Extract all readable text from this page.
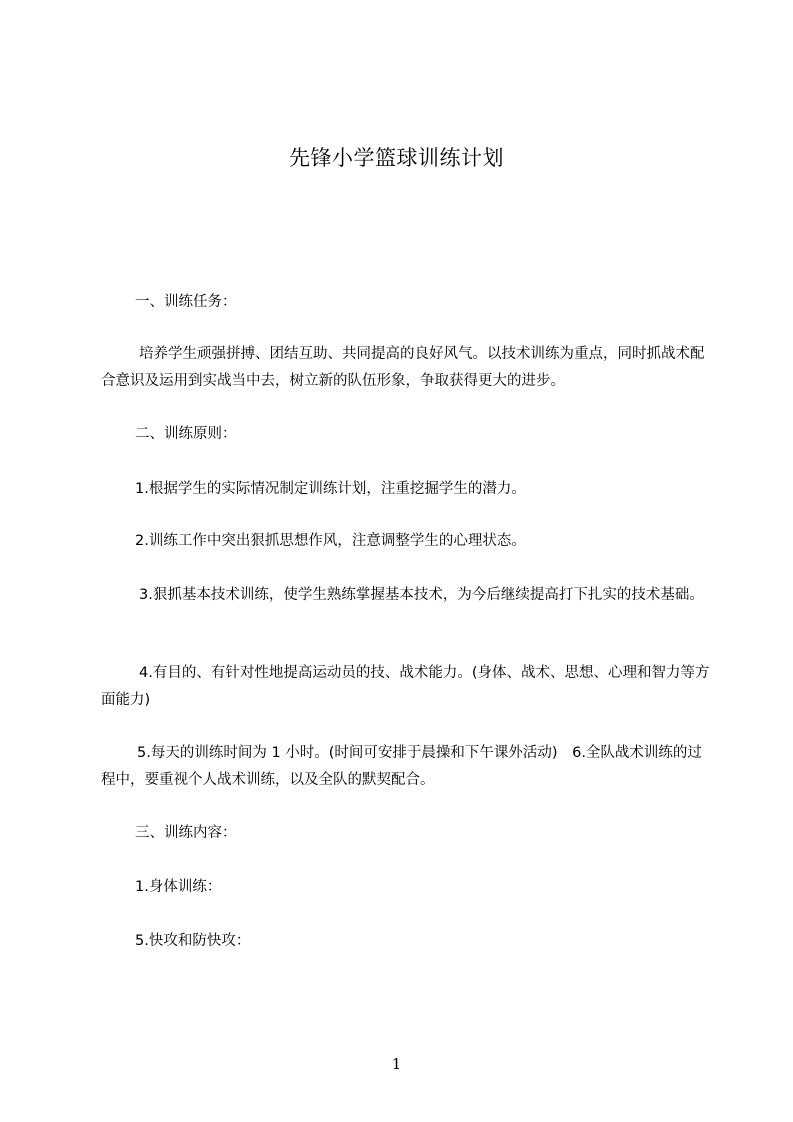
先锋小学篮球训练计划
一、训练任务：
培养学生顽强拼搏、团结互助、共同提高的良好风气。以技术训练为重点，同时抓战术配合意识及运用到实战当中去，树立新的队伍形象，争取获得更大的进步。
二、训练原则：
1.根据学生的实际情况制定训练计划，注重挖掘学生的潜力。
2.训练工作中突出狠抓思想作风，注意调整学生的心理状态。
3.狠抓基本技术训练，使学生熟练掌握基本技术，为今后继续提高打下扎实的技术基础。
4.有目的、有针对性地提高运动员的技、战术能力。(身体、战术、思想、心理和智力等方面能力)
5.每天的训练时间为 1 小时。(时间可安排于晨操和下午课外活动)　6.全队战术训练的过程中，要重视个人战术训练，以及全队的默契配合。
三、训练内容：
1.身体训练：
5.快攻和防快攻：
1
